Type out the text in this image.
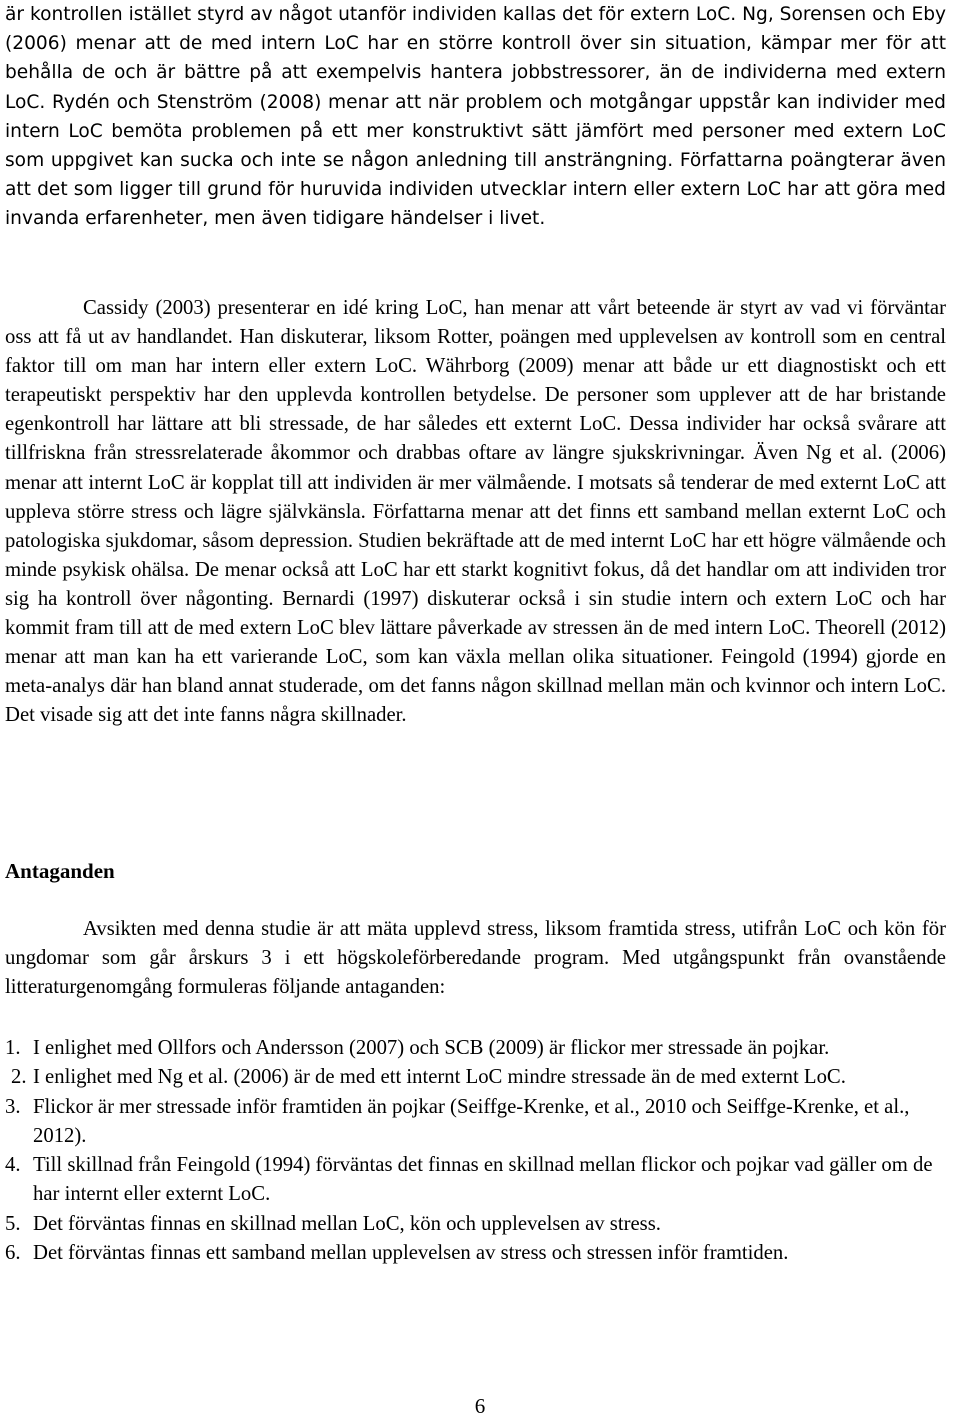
är kontrollen istället styrd av något utanför individen kallas det för extern LoC. Ng, Sorensen och Eby (2006) menar att de med intern LoC har en större kontroll över sin situation, kämpar mer för att behålla de och är bättre på att exempelvis hantera jobbstressorer, än de individerna med extern LoC. Rydén och Stenström (2008) menar att när problem och motgångar uppstår kan individer med intern LoC bemöta problemen på ett mer konstruktivt sätt jämfört med personer med extern LoC som uppgivet kan sucka och inte se någon anledning till ansträngning. Författarna poängterar även att det som ligger till grund för huruvida individen utvecklar intern eller extern LoC har att göra med invanda erfarenheter, men även tidigare händelser i livet.

Cassidy (2003) presenterar en idé kring LoC, han menar att vårt beteende är styrt av vad vi förväntar oss att få ut av handlandet. Han diskuterar, liksom Rotter, poängen med upplevelsen av kontroll som en central faktor till om man har intern eller extern LoC. Währborg (2009) menar att både ur ett diagnostiskt och ett terapeutiskt perspektiv har den upplevda kontrollen betydelse. De personer som upplever att de har bristande egenkontroll har lättare att bli stressade, de har således ett externt LoC. Dessa individer har också svårare att tillfriskna från stressrelaterade åkommor och drabbas oftare av längre sjukskrivningar. Även Ng et al. (2006) menar att internt LoC är kopplat till att individen är mer välmående. I motsats så tenderar de med externt LoC att uppleva större stress och lägre självkänsla. Författarna menar att det finns ett samband mellan externt LoC och patologiska sjukdomar, såsom depression. Studien bekräftade att de med internt LoC har ett högre välmående och minde psykisk ohälsa. De menar också att LoC har ett starkt kognitivt fokus, då det handlar om att individen tror sig ha kontroll över någonting. Bernardi (1997) diskuterar också i sin studie intern och extern LoC och har kommit fram till att de med extern LoC blev lättare påverkade av stressen än de med intern LoC. Theorell (2012) menar att man kan ha ett varierande LoC, som kan växla mellan olika situationer. Feingold (1994) gjorde en meta-analys där han bland annat studerade, om det fanns någon skillnad mellan män och kvinnor och intern LoC. Det visade sig att det inte fanns några skillnader.

Antaganden

Avsikten med denna studie är att mäta upplevd stress, liksom framtida stress, utifrån LoC och kön för ungdomar som går årskurs 3 i ett högskoleförberedande program. Med utgångspunkt från ovanstående litteraturgenomgång formuleras följande antaganden:

1. I enlighet med Ollfors och Andersson (2007) och SCB (2009) är flickor mer stressade än pojkar.
2. I enlighet med Ng et al. (2006) är de med ett internt LoC mindre stressade än de med externt LoC.
3. Flickor är mer stressade inför framtiden än pojkar (Seiffge-Krenke, et al., 2010 och Seiffge-Krenke, et al., 2012).
4. Till skillnad från Feingold (1994) förväntas det finnas en skillnad mellan flickor och pojkar vad gäller om de har internt eller externt LoC.
5. Det förväntas finnas en skillnad mellan LoC, kön och upplevelsen av stress.
6. Det förväntas finnas ett samband mellan upplevelsen av stress och stressen inför framtiden.
6
